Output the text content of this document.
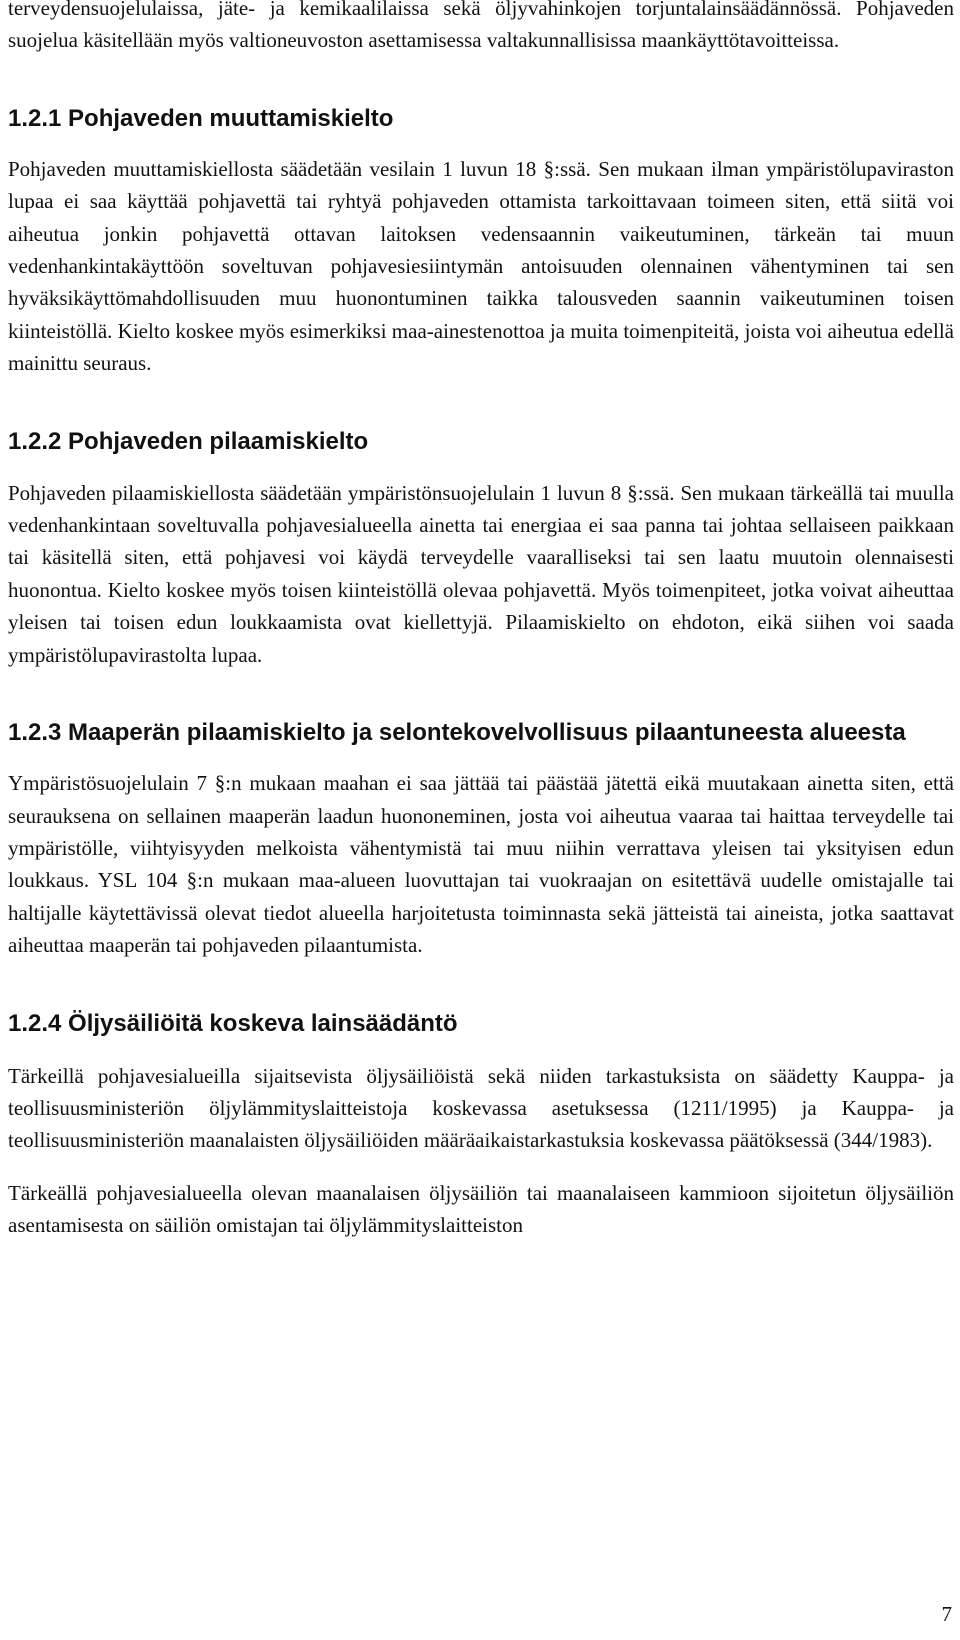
terveydensuojelulaissa, jäte- ja kemikaalilaissa sekä öljyvahinkojen torjuntalainsäädännössä. Pohjaveden suojelua käsitellään myös valtioneuvoston asettamisessa valtakunnallisissa maankäyttötavoitteissa.

1.2.1 Pohjaveden muuttamiskielto

Pohjaveden muuttamiskiellosta säädetään vesilain 1 luvun 18 §:ssä. Sen mukaan ilman ympäristölupaviraston lupaa ei saa käyttää pohjavettä tai ryhtyä pohjaveden ottamista tarkoittavaan toimeen siten, että siitä voi aiheutua jonkin pohjavettä ottavan laitoksen vedensaannin vaikeutuminen, tärkeän tai muun vedenhankintakäyttöön soveltuvan pohjavesiesiintymän antoisuuden olennainen vähentyminen tai sen hyväksikäyttömahdollisuuden muu huonontuminen taikka talousveden saannin vaikeutuminen toisen kiinteistöllä. Kielto koskee myös esimerkiksi maa-ainestenottoa ja muita toimenpiteitä, joista voi aiheutua edellä mainittu seuraus.

1.2.2 Pohjaveden pilaamiskielto

Pohjaveden pilaamiskiellosta säädetään ympäristönsuojelulain 1 luvun 8 §:ssä. Sen mukaan tärkeällä tai muulla vedenhankintaan soveltuvalla pohjavesialueella ainetta tai energiaa ei saa panna tai johtaa sellaiseen paikkaan tai käsitellä siten, että pohjavesi voi käydä terveydelle vaaralliseksi tai sen laatu muutoin olennaisesti huonontua. Kielto koskee myös toisen kiinteistöllä olevaa pohjavettä. Myös toimenpiteet, jotka voivat aiheuttaa yleisen tai toisen edun loukkaamista ovat kiellettyjä. Pilaamiskielto on ehdoton, eikä siihen voi saada ympäristölupavirastolta lupaa.

1.2.3 Maaperän pilaamiskielto ja selontekovelvollisuus pilaantuneesta alueesta

Ympäristösuojelulain 7 §:n mukaan maahan ei saa jättää tai päästää jätettä eikä muutakaan ainetta siten, että seurauksena on sellainen maaperän laadun huononeminen, josta voi aiheutua vaaraa tai haittaa terveydelle tai ympäristölle, viihtyisyyden melkoista vähentymistä tai muu niihin verrattava yleisen tai yksityisen edun loukkaus. YSL 104 §:n mukaan maa-alueen luovuttajan tai vuokraajan on esitettävä uudelle omistajalle tai haltijalle käytettävissä olevat tiedot alueella harjoitetusta toiminnasta sekä jätteistä tai aineista, jotka saattavat aiheuttaa maaperän tai pohjaveden pilaantumista.

1.2.4 Öljysäiliöitä koskeva lainsäädäntö

Tärkeillä pohjavesialueilla sijaitsevista öljysäiliöistä sekä niiden tarkastuksista on säädetty Kauppa- ja teollisuusministeriön öljylämmityslaitteistoja koskevassa asetuksessa (1211/1995) ja Kauppa- ja teollisuusministeriön maanalaisten öljysäiliöiden määräaikaistarkastuksia koskevassa päätöksessä (344/1983).

Tärkeällä pohjavesialueella olevan maanalaisen öljysäiliön tai maanalaiseen kammioon sijoitetun öljysäiliön asentamisesta on säiliön omistajan tai öljylämmityslaitteiston

7
